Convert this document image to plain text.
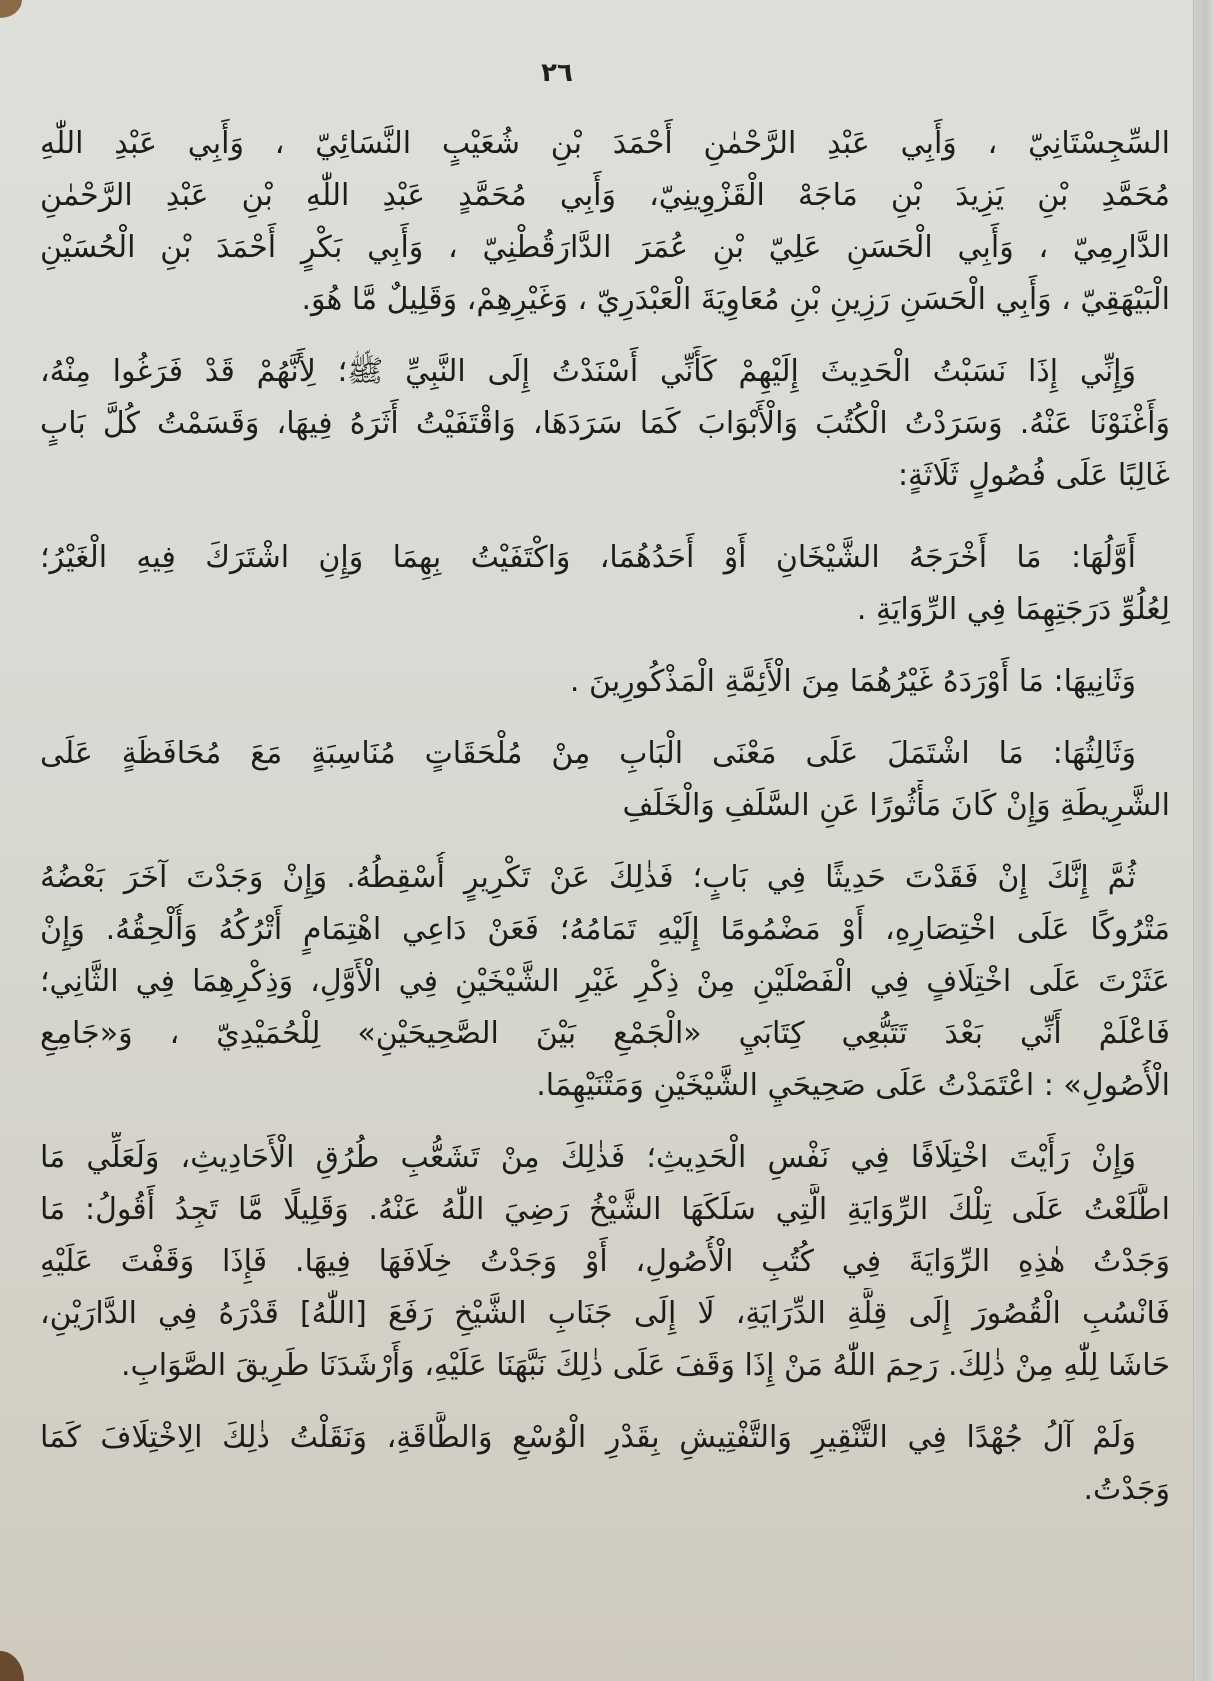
٢٦
السِّجِسْتَانِيّ ، وَأَبِي عَبْدِ الرَّحْمٰنِ أَحْمَدَ بْنِ شُعَيْبٍ النَّسَائِيّ ، وَأَبِي عَبْدِ اللّٰهِ
مُحَمَّدِ بْنِ يَزِيدَ بْنِ مَاجَهْ الْقَزْوِينِيّ، وَأَبِي مُحَمَّدٍ عَبْدِ اللّٰهِ بْنِ عَبْدِ الرَّحْمٰنِ
الدَّارِمِيّ ، وَأَبِي الْحَسَنِ عَلِيّ بْنِ عُمَرَ الدَّارَقُطْنِيّ ، وَأَبِي بَكْرٍ أَحْمَدَ بْنِ الْحُسَيْنِ
الْبَيْهَقِيّ ، وَأَبِي الْحَسَنِ رَزِينِ بْنِ مُعَاوِيَةَ الْعَبْدَرِيّ ، وَغَيْرِهِمْ، وَقَلِيلٌ مَّا هُوَ.
وَإِنِّي إِذَا نَسَبْتُ الْحَدِيثَ إِلَيْهِمْ كَأَنِّي أَسْنَدْتُ إِلَى النَّبِيِّ ﷺ؛ لِأَنَّهُمْ قَدْ فَرَغُوا مِنْهُ،
وَأَغْنَوْنَا عَنْهُ. وَسَرَدْتُ الْكُتُبَ وَالْأَبْوَابَ كَمَا سَرَدَهَا، وَاقْتَفَيْتُ أَثَرَهُ فِيهَا، وَقَسَمْتُ كُلَّ بَابٍ
غَالِبًا عَلَى فُصُولٍ ثَلَاثَةٍ:
أَوَّلُهَا: مَا أَخْرَجَهُ الشَّيْخَانِ أَوْ أَحَدُهُمَا، وَاكْتَفَيْتُ بِهِمَا وَإِنِ اشْتَرَكَ فِيهِ الْغَيْرُ؛
لِعُلُوِّ دَرَجَتِهِمَا فِي الرِّوَايَةِ .
وَثَانِيهَا: مَا أَوْرَدَهُ غَيْرُهُمَا مِنَ الْأَئِمَّةِ الْمَذْكُورِينَ .
وَثَالِثُهَا: مَا اشْتَمَلَ عَلَى مَعْنَى الْبَابِ مِنْ مُلْحَقَاتٍ مُنَاسِبَةٍ مَعَ مُحَافَظَةٍ عَلَى
الشَّرِيطَةِ وَإِنْ كَانَ مَأْثُورًا عَنِ السَّلَفِ وَالْخَلَفِ
ثُمَّ إِنَّكَ إِنْ فَقَدْتَ حَدِيثًا فِي بَابٍ؛ فَذٰلِكَ عَنْ تَكْرِيرٍ أُسْقِطُهُ. وَإِنْ وَجَدْتَ آخَرَ بَعْضُهُ
مَتْرُوكًا عَلَى اخْتِصَارِهِ، أَوْ مَضْمُومًا إِلَيْهِ تَمَامُهُ؛ فَعَنْ دَاعِي اهْتِمَامٍ أَتْرُكُهُ وَأُلْحِقُهُ. وَإِنْ
عَثَرْتَ عَلَى اخْتِلَافٍ فِي الْفَصْلَيْنِ مِنْ ذِكْرِ غَيْرِ الشَّيْخَيْنِ فِي الْأَوَّلِ، وَذِكْرِهِمَا فِي الثَّانِي؛
فَاعْلَمْ أَنِّي بَعْدَ تَتَبُّعِي كِتَابَيِ «الْجَمْعِ بَيْنَ الصَّحِيحَيْنِ» لِلْحُمَيْدِيّ ، وَ«جَامِعِ
الْأُصُولِ» : اعْتَمَدْتُ عَلَى صَحِيحَيِ الشَّيْخَيْنِ وَمَتْنَيْهِمَا.
وَإِنْ رَأَيْتَ اخْتِلَافًا فِي نَفْسِ الْحَدِيثِ؛ فَذٰلِكَ مِنْ تَشَعُّبِ طُرُقِ الْأَحَادِيثِ، وَلَعَلِّي مَا
اطَّلَعْتُ عَلَى تِلْكَ الرِّوَايَةِ الَّتِي سَلَكَهَا الشَّيْخُ رَضِيَ اللّٰهُ عَنْهُ. وَقَلِيلًا مَّا تَجِدُ أَقُولُ: مَا
وَجَدْتُ هٰذِهِ الرِّوَايَةَ فِي كُتُبِ الْأُصُولِ، أَوْ وَجَدْتُ خِلَافَهَا فِيهَا. فَإِذَا وَقَفْتَ عَلَيْهِ
فَانْسُبِ الْقُصُورَ إِلَى قِلَّةِ الدِّرَايَةِ، لَا إِلَى جَنَابِ الشَّيْخِ رَفَعَ [اللّٰهُ] قَدْرَهُ فِي الدَّارَيْنِ،
حَاشَا لِلّٰهِ مِنْ ذٰلِكَ. رَحِمَ اللّٰهُ مَنْ إِذَا وَقَفَ عَلَى ذٰلِكَ نَبَّهَنَا عَلَيْهِ، وَأَرْشَدَنَا طَرِيقَ الصَّوَابِ.
وَلَمْ آلُ جُهْدًا فِي التَّنْقِيرِ وَالتَّفْتِيشِ بِقَدْرِ الْوُسْعِ وَالطَّاقَةِ، وَنَقَلْتُ ذٰلِكَ الِاخْتِلَافَ كَمَا
وَجَدْتُ.
